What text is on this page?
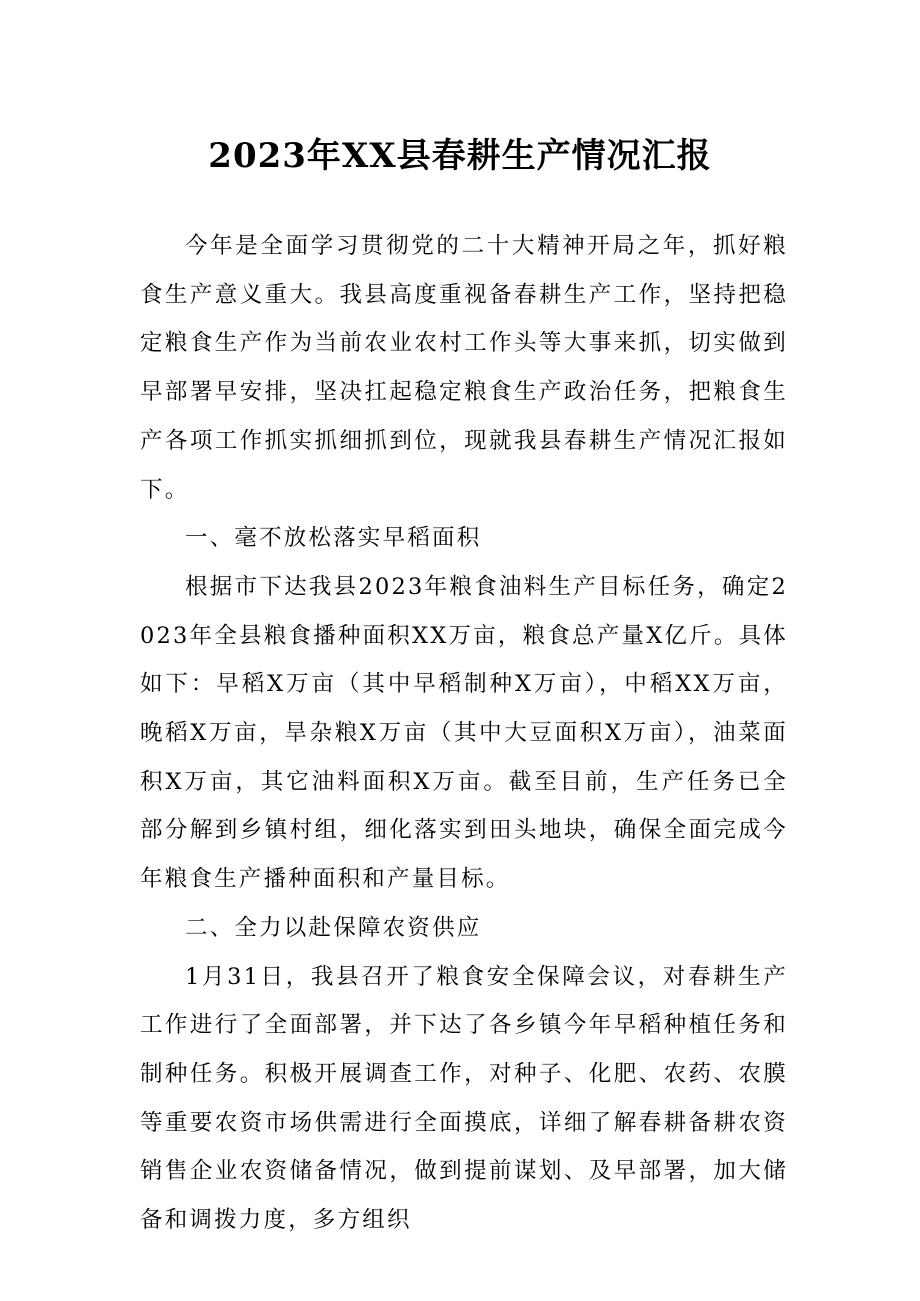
2023年XX县春耕生产情况汇报

今年是全面学习贯彻党的二十大精神开局之年，抓好粮食生产意义重大。我县高度重视备春耕生产工作，坚持把稳定粮食生产作为当前农业农村工作头等大事来抓，切实做到早部署早安排，坚决扛起稳定粮食生产政治任务，把粮食生产各项工作抓实抓细抓到位，现就我县春耕生产情况汇报如下。

一、毫不放松落实早稻面积

根据市下达我县2023年粮食油料生产目标任务，确定2023年全县粮食播种面积XX万亩，粮食总产量X亿斤。具体如下：早稻X万亩（其中早稻制种X万亩），中稻XX万亩，晚稻X万亩，旱杂粮X万亩（其中大豆面积X万亩），油菜面积X万亩，其它油料面积X万亩。截至目前，生产任务已全部分解到乡镇村组，细化落实到田头地块，确保全面完成今年粮食生产播种面积和产量目标。

二、全力以赴保障农资供应

1月31日，我县召开了粮食安全保障会议，对春耕生产工作进行了全面部署，并下达了各乡镇今年早稻种植任务和制种任务。积极开展调查工作，对种子、化肥、农药、农膜等重要农资市场供需进行全面摸底，详细了解春耕备耕农资销售企业农资储备情况，做到提前谋划、及早部署，加大储备和调拨力度，多方组织
